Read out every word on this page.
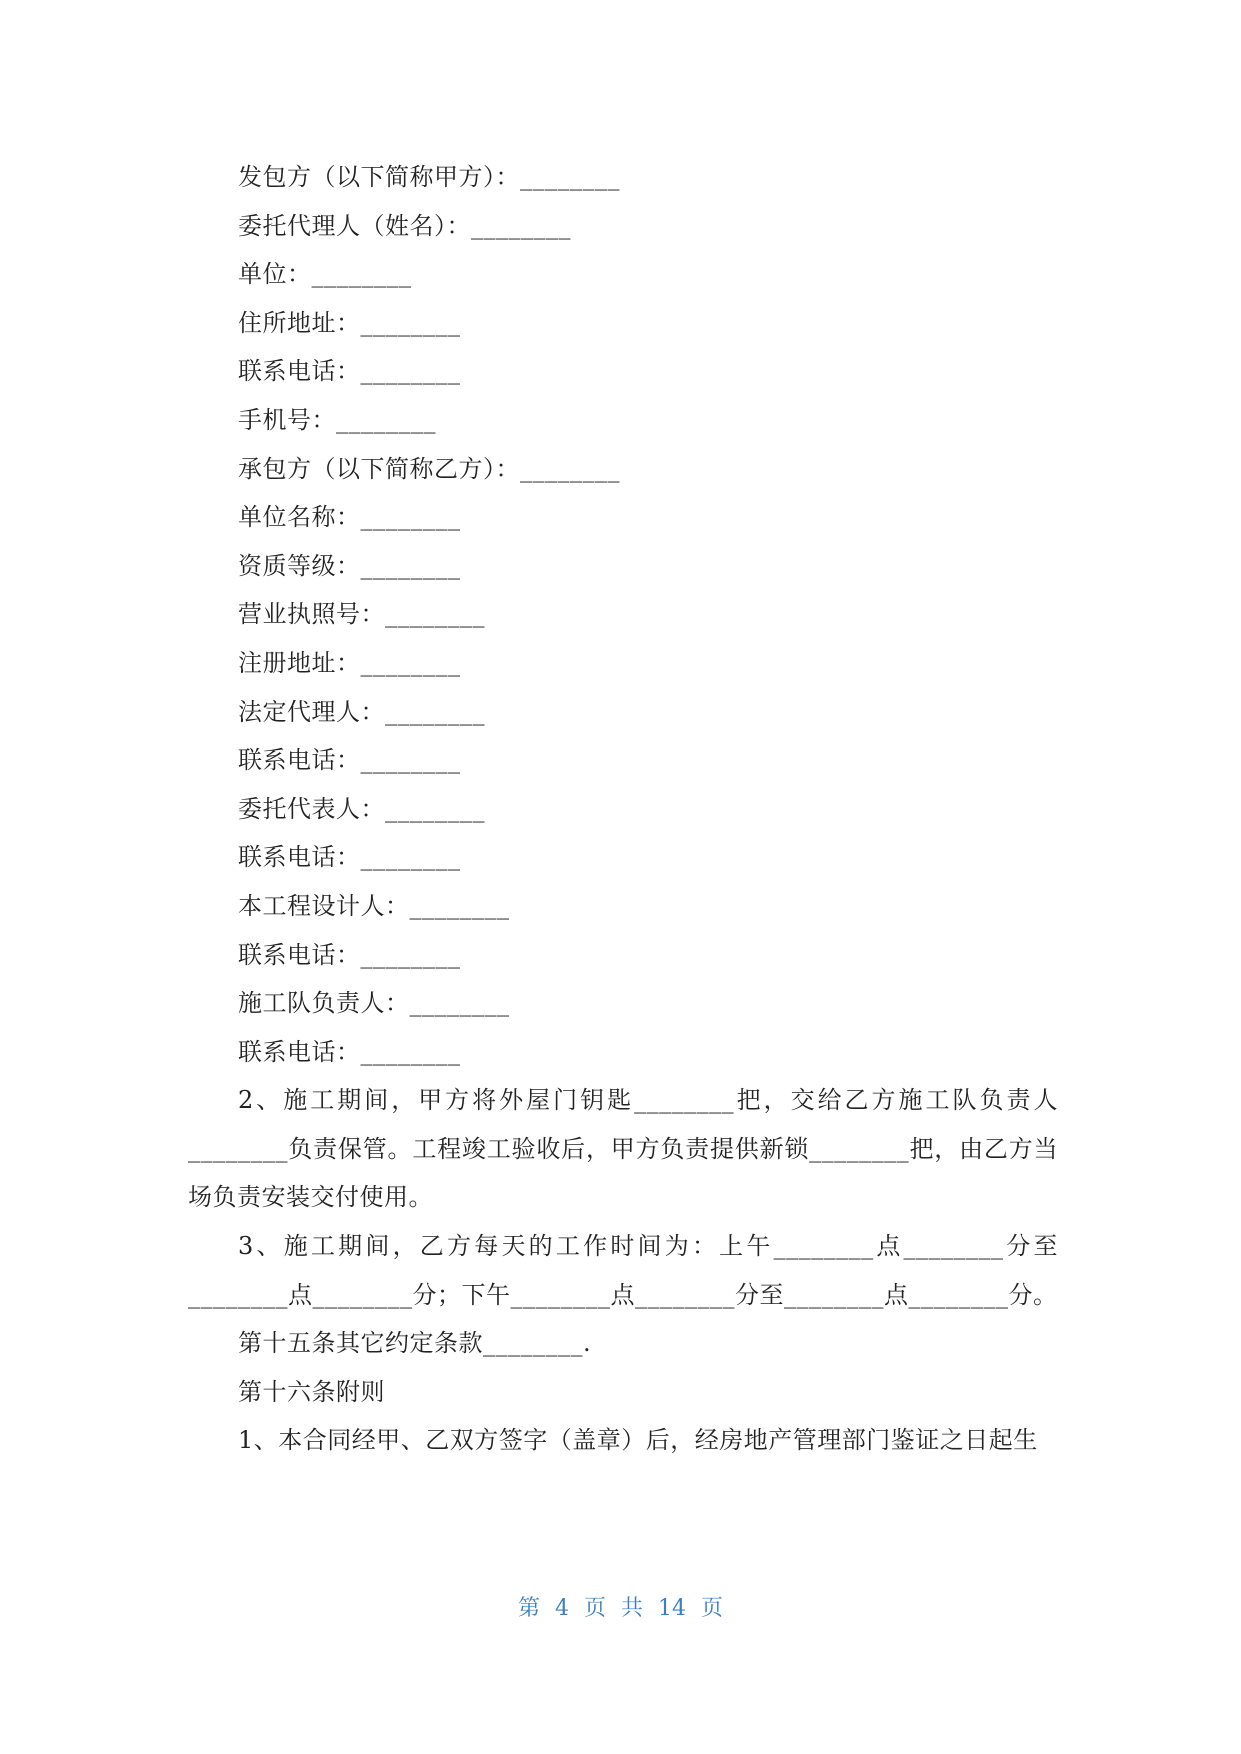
发包方（以下简称甲方）：________

委托代理人（姓名）：________

单位：________

住所地址：________

联系电话：________

手机号：________

承包方（以下简称乙方）：________

单位名称：________

资质等级：________

营业执照号：________

注册地址：________

法定代理人：________

联系电话：________

委托代表人：________

联系电话：________

本工程设计人：________

联系电话：________

施工队负责人：________

联系电话：________

2、施工期间，甲方将外屋门钥匙________把，交给乙方施工队负责人________负责保管。工程竣工验收后，甲方负责提供新锁________把，由乙方当场负责安装交付使用。

3、施工期间，乙方每天的工作时间为：上午________点________分至________点________分；下午________点________分至________点________分。

第十五条其它约定条款________.

第十六条附则

1、本合同经甲、乙双方签字（盖章）后，经房地产管理部门鉴证之日起生

第 4 页 共 14 页
